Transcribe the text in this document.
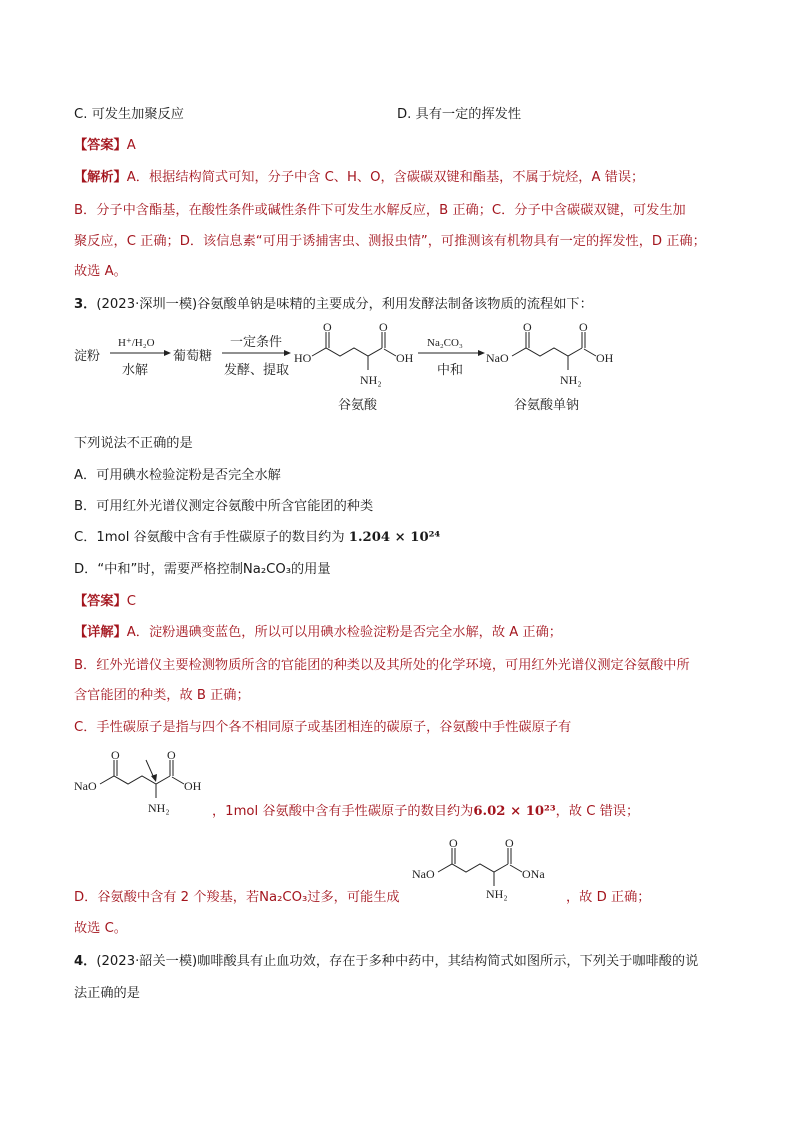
C. 可发生加聚反应	D. 具有一定的挥发性
【答案】A
【解析】A．根据结构简式可知，分子中含 C、H、O，含碳碳双键和酯基，不属于烷烃，A 错误；
B．分子中含酯基，在酸性条件或碱性条件下可发生水解反应，B 正确；C．分子中含碳碳双键，可发生加
聚反应，C 正确；D．该信息素“可用于诱捕害虫、测报虫情”，可推测该有机物具有一定的挥发性，D 正确；
故选 A。
3．(2023·深圳一模)谷氨酸单钠是味精的主要成分，利用发酵法制备该物质的流程如下：
淀粉
H⁺/H₂O
水解
葡萄糖
一定条件
发酵、提取
HO
O
NH₂
O
OH
谷氨酸
Na₂CO₃
中和
NaO
O
NH₂
O
OH
谷氨酸单钠
下列说法不正确的是
A．可用碘水检验淀粉是否完全水解
B．可用红外光谱仪测定谷氨酸中所含官能团的种类
C．1mol 谷氨酸中含有手性碳原子的数目约为 1.204 × 10²⁴
D．“中和”时，需要严格控制Na₂CO₃的用量
【答案】C
【详解】A．淀粉遇碘变蓝色，所以可以用碘水检验淀粉是否完全水解，故 A 正确；
B．红外光谱仪主要检测物质所含的官能团的种类以及其所处的化学环境，可用红外光谱仪测定谷氨酸中所
含官能团的种类，故 B 正确；
C．手性碳原子是指与四个各不相同原子或基团相连的碳原子，谷氨酸中手性碳原子有
NaO
O
NH₂
O
OH
，1mol 谷氨酸中含有手性碳原子的数目约为6.02 × 10²³，故 C 错误；
NaO
O
NH₂
O
ONa
D．谷氨酸中含有 2 个羧基，若Na₂CO₃过多，可能生成	，故 D 正确；
故选 C。
4．(2023·韶关一模)咖啡酸具有止血功效，存在于多种中药中，其结构简式如图所示，下列关于咖啡酸的说
法正确的是
